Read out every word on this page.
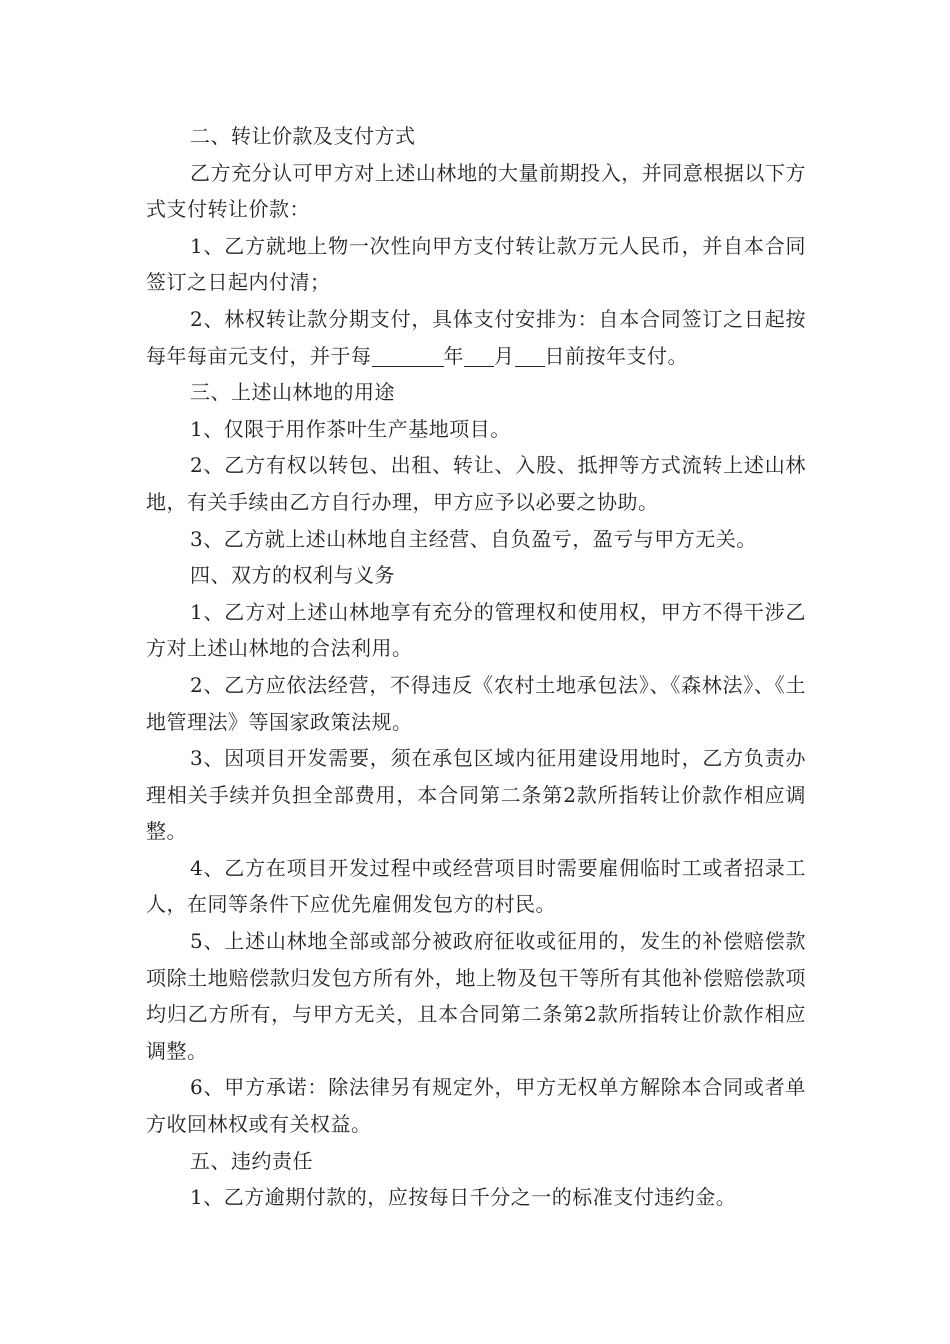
二、转让价款及支付方式

乙方充分认可甲方对上述山林地的大量前期投入，并同意根据以下方式支付转让价款：

1、乙方就地上物一次性向甲方支付转让款万元人民币，并自本合同签订之日起内付清；

2、林权转让款分期支付，具体支付安排为：自本合同签订之日起按每年每亩元支付，并于每	年 月 日前按年支付。

三、上述山林地的用途

1、仅限于用作茶叶生产基地项目。

2、乙方有权以转包、出租、转让、入股、抵押等方式流转上述山林地，有关手续由乙方自行办理，甲方应予以必要之协助。

3、乙方就上述山林地自主经营、自负盈亏，盈亏与甲方无关。

四、双方的权利与义务

1、乙方对上述山林地享有充分的管理权和使用权，甲方不得干涉乙方对上述山林地的合法利用。

2、乙方应依法经营，不得违反《农村土地承包法》、《森林法》、《土地管理法》等国家政策法规。

3、因项目开发需要，须在承包区域内征用建设用地时，乙方负责办理相关手续并负担全部费用，本合同第二条第2款所指转让价款作相应调整。

4、乙方在项目开发过程中或经营项目时需要雇佣临时工或者招录工人，在同等条件下应优先雇佣发包方的村民。

5、上述山林地全部或部分被政府征收或征用的，发生的补偿赔偿款项除土地赔偿款归发包方所有外，地上物及包干等所有其他补偿赔偿款项均归乙方所有，与甲方无关，且本合同第二条第2款所指转让价款作相应调整。

6、甲方承诺：除法律另有规定外，甲方无权单方解除本合同或者单方收回林权或有关权益。

五、违约责任

1、乙方逾期付款的，应按每日千分之一的标准支付违约金。
